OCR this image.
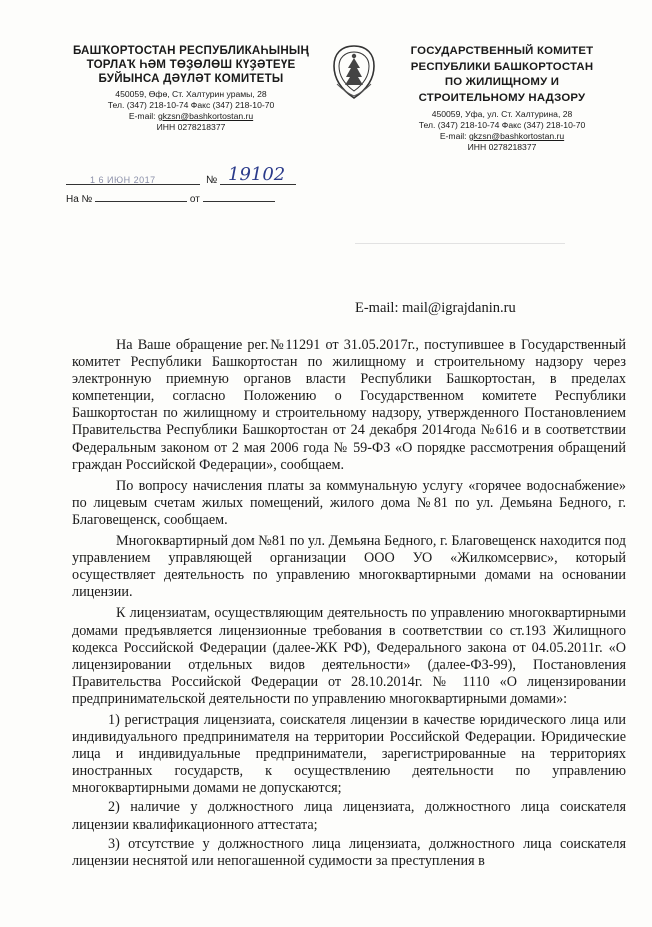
БАШҠОРТОСТАН РЕСПУБЛИКАҺЫНЫҢ
ТОРЛАҠ ҺӘМ ТӨҘӨЛӨШ КҮҘӘТЕҮЕ
БУЙЫНСА ДӘҮЛӘТ КОМИТЕТЫ
450059, Өфө, Ст. Халтурин урамы, 28
Тел. (347) 218-10-74 Факс (347) 218-10-70
E-mail: gkzsn@bashkortostan.ru
ИНН 0278218377
ГОСУДАРСТВЕННЫЙ КОМИТЕТ
РЕСПУБЛИКИ БАШКОРТОСТАН
ПО ЖИЛИЩНОМУ И
СТРОИТЕЛЬНОМУ НАДЗОРУ
450059, Уфа, ул. Ст. Халтурина, 28
Тел. (347) 218-10-74 Факс (347) 218-10-70
E-mail: gkzsn@bashkortostan.ru
ИНН 0278218377
1 6 ИЮН 2017	№ 19102
На №	от
E-mail: mail@igrajdanin.ru

На Ваше обращение рег.№11291 от 31.05.2017г., поступившее в Государственный комитет Республики Башкортостан по жилищному и строительному надзору через электронную приемную органов власти Республики Башкортостан, в пределах компетенции, согласно Положению о Государственном комитете Республики Башкортостан по жилищному и строительному надзору, утвержденного Постановлением Правительства Республики Башкортостан от 24 декабря 2014года №616 и в соответствии Федеральным законом от 2 мая 2006 года № 59-ФЗ «О порядке рассмотрения обращений граждан Российской Федерации», сообщаем.

По вопросу начисления платы за коммунальную услугу «горячее водоснабжение» по лицевым счетам жилых помещений, жилого дома №81 по ул. Демьяна Бедного, г. Благовещенск, сообщаем.

Многоквартирный дом №81 по ул. Демьяна Бедного, г. Благовещенск находится под управлением управляющей организации ООО УО «Жилкомсервис», который осуществляет деятельность по управлению многоквартирными домами на основании лицензии.

К лицензиатам, осуществляющим деятельность по управлению многоквартирными домами предъявляется лицензионные требования в соответствии со ст.193 Жилищного кодекса Российской Федерации (далее-ЖК РФ), Федерального закона от 04.05.2011г. «О лицензировании отдельных видов деятельности» (далее-ФЗ-99), Постановления Правительства Российской Федерации от 28.10.2014г. № 1110 «О лицензировании предпринимательской деятельности по управлению многоквартирными домами»:

1) регистрация лицензиата, соискателя лицензии в качестве юридического лица или индивидуального предпринимателя на территории Российской Федерации. Юридические лица и индивидуальные предприниматели, зарегистрированные на территориях иностранных государств, к осуществлению деятельности по управлению многоквартирными домами не допускаются;

2) наличие у должностного лица лицензиата, должностного лица соискателя лицензии квалификационного аттестата;

3) отсутствие у должностного лица лицензиата, должностного лица соискателя лицензии неснятой или непогашенной судимости за преступления в
